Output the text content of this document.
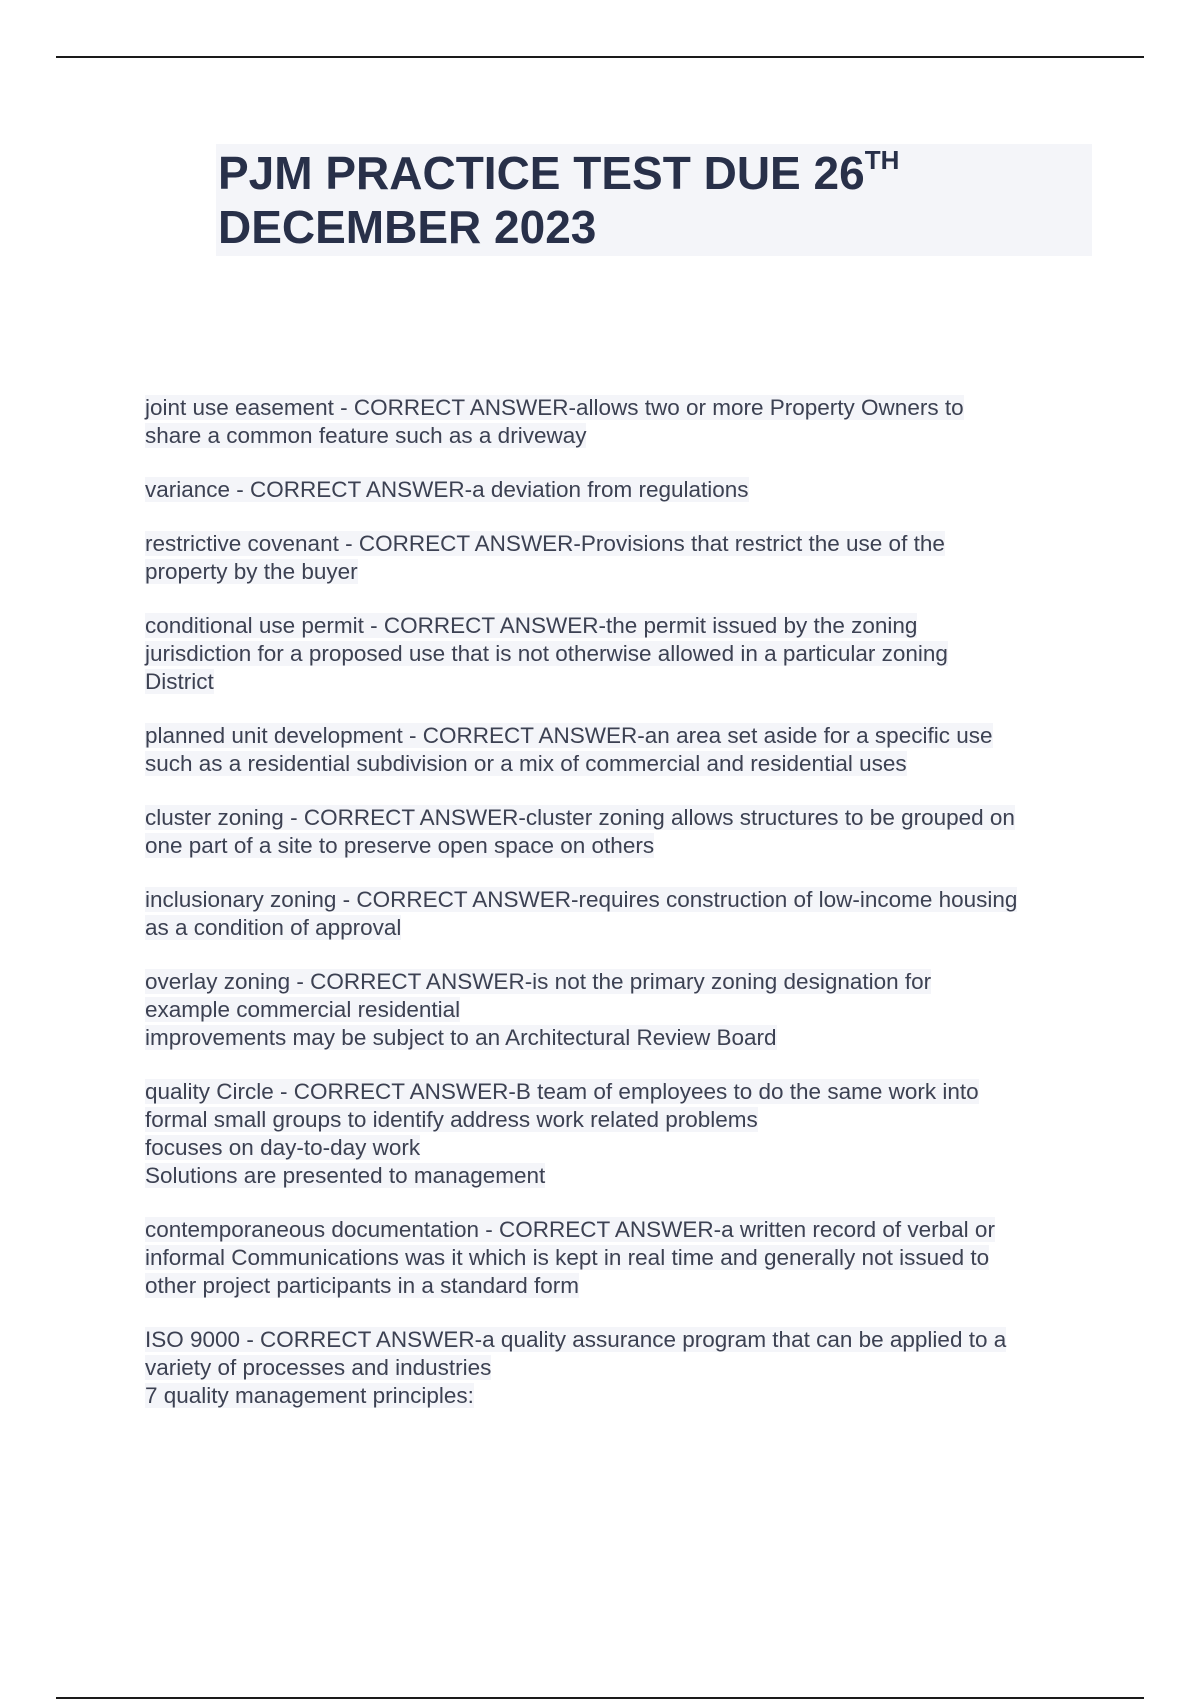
PJM PRACTICE TEST DUE 26TH
DECEMBER 2023
joint use easement - CORRECT ANSWER-allows two or more Property Owners to
share a common feature such as a driveway
variance - CORRECT ANSWER-a deviation from regulations
restrictive covenant - CORRECT ANSWER-Provisions that restrict the use of the
property by the buyer
conditional use permit - CORRECT ANSWER-the permit issued by the zoning
jurisdiction for a proposed use that is not otherwise allowed in a particular zoning
District
planned unit development - CORRECT ANSWER-an area set aside for a specific use
such as a residential subdivision or a mix of commercial and residential uses
cluster zoning - CORRECT ANSWER-cluster zoning allows structures to be grouped on
one part of a site to preserve open space on others
inclusionary zoning - CORRECT ANSWER-requires construction of low-income housing
as a condition of approval
overlay zoning - CORRECT ANSWER-is not the primary zoning designation for
example commercial residential
improvements may be subject to an Architectural Review Board
quality Circle - CORRECT ANSWER-B team of employees to do the same work into
formal small groups to identify address work related problems
focuses on day-to-day work
Solutions are presented to management
contemporaneous documentation - CORRECT ANSWER-a written record of verbal or
informal Communications was it which is kept in real time and generally not issued to
other project participants in a standard form
ISO 9000 - CORRECT ANSWER-a quality assurance program that can be applied to a
variety of processes and industries
7 quality management principles:
